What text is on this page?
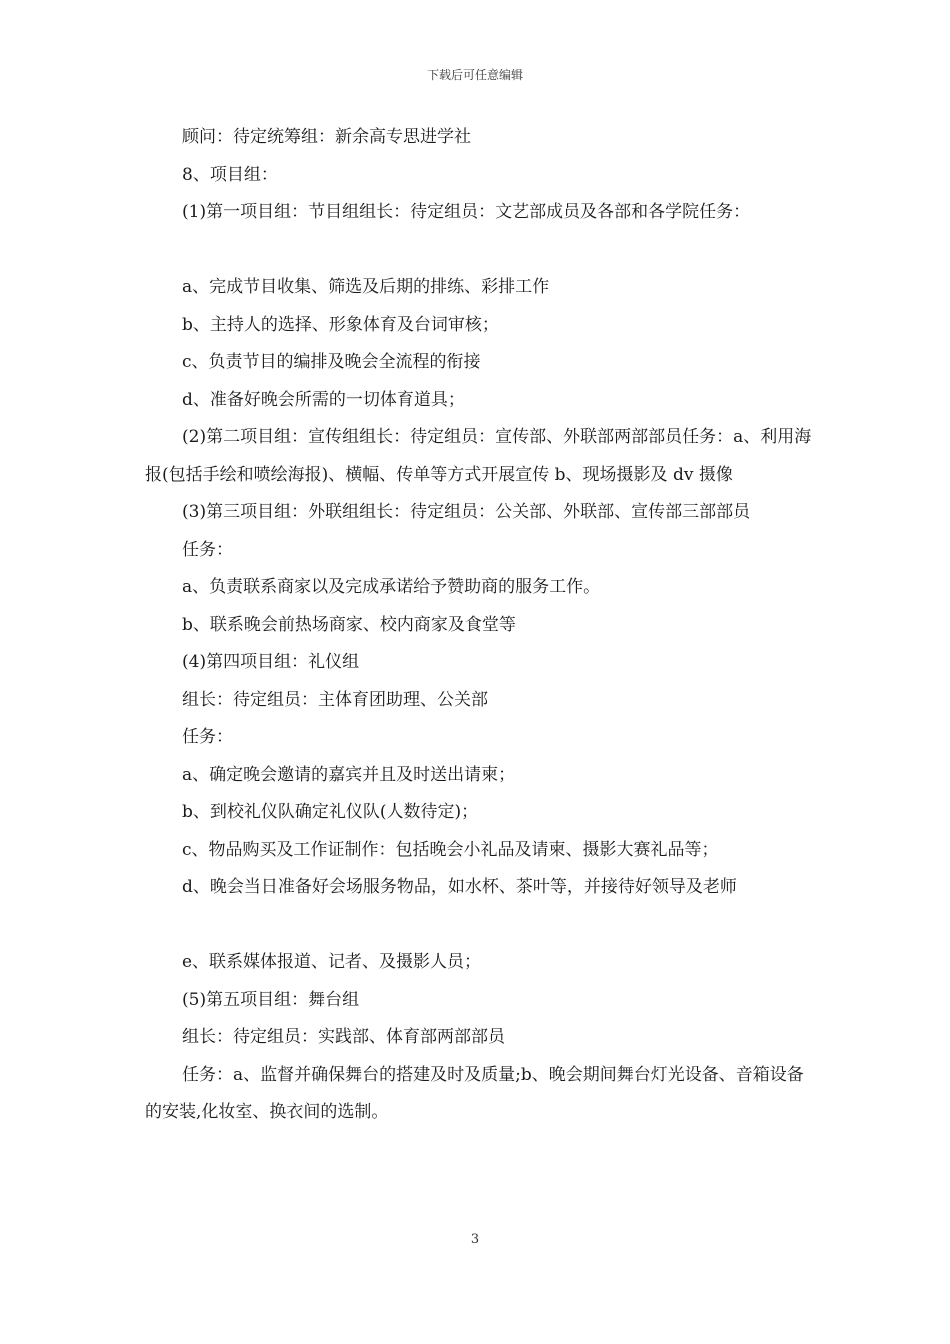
下载后可任意编辑

顾问：待定统筹组：新余高专思进学社

8、项目组：

(1)第一项目组：节目组组长：待定组员：文艺部成员及各部和各学院任务：

a、完成节目收集、筛选及后期的排练、彩排工作

b、主持人的选择、形象体育及台词审核；

c、负责节目的编排及晚会全流程的衔接

d、准备好晚会所需的一切体育道具；

(2)第二项目组：宣传组组长：待定组员：宣传部、外联部两部部员任务：a、利用海报(包括手绘和喷绘海报)、横幅、传单等方式开展宣传 b、现场摄影及 dv 摄像

(3)第三项目组：外联组组长：待定组员：公关部、外联部、宣传部三部部员

任务：

a、负责联系商家以及完成承诺给予赞助商的服务工作。

b、联系晚会前热场商家、校内商家及食堂等

(4)第四项目组：礼仪组

组长：待定组员：主体育团助理、公关部

任务：

a、确定晚会邀请的嘉宾并且及时送出请柬；

b、到校礼仪队确定礼仪队(人数待定)；

c、物品购买及工作证制作：包括晚会小礼品及请柬、摄影大赛礼品等；

d、晚会当日准备好会场服务物品，如水杯、茶叶等，并接待好领导及老师

e、联系媒体报道、记者、及摄影人员；

(5)第五项目组：舞台组

组长：待定组员：实践部、体育部两部部员

任务：a、监督并确保舞台的搭建及时及质量;b、晚会期间舞台灯光设备、音箱设备的安装,化妆室、换衣间的选制。

3
